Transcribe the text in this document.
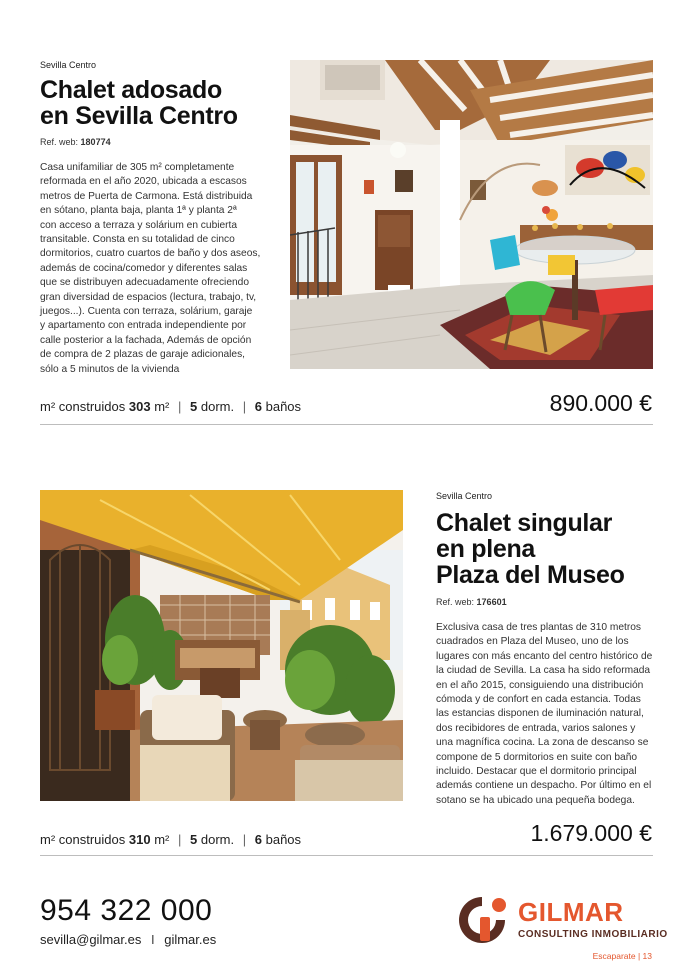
Sevilla Centro
Chalet adosado
en Sevilla Centro
Ref. web: 180774
Casa unifamiliar de 305 m² completamente
reformada en el año 2020, ubicada a escasos
metros de Puerta de Carmona. Está distribuida
en sótano, planta baja, planta 1ª y planta 2ª
con acceso a terraza y solárium en cubierta
transitable. Consta en su totalidad de cinco
dormitorios, cuatro cuartos de baño y dos aseos,
además de cocina/comedor y diferentes salas
que se distribuyen adecuadamente ofreciendo
gran diversidad de espacios (lectura, trabajo, tv,
juegos...). Cuenta con terraza, solárium, garaje
y apartamento con entrada independiente por
calle posterior a la fachada, Además de opción
de compra de 2 plazas de garaje adicionales,
sólo a 5 minutos de la vivienda
m² construidos 303 m² | 5 dorm. | 6 baños	890.000 €
Sevilla Centro
Chalet singular
en plena
Plaza del Museo
Ref. web: 176601
Exclusiva casa de tres plantas de 310 metros
cuadrados en Plaza del Museo, uno de los
lugares con más encanto del centro histórico de
la ciudad de Sevilla. La casa ha sido reformada
en el año 2015, consiguiendo una distribución
cómoda y de confort en cada estancia. Todas
las estancias disponen de iluminación natural,
dos recibidores de entrada, varios salones y
una magnífica cocina. La zona de descanso se
compone de 5 dormitorios en suite con baño
incluido. Destacar que el dormitorio principal
además contiene un despacho. Por último en el
sotano se ha ubicado una pequeña bodega.
m² construidos 310 m² | 5 dorm. | 6 baños	1.679.000 €
954 322 000
sevilla@gilmar.es I gilmar.es
GILMAR
CONSULTING INMOBILIARIO
Escaparate | 13
